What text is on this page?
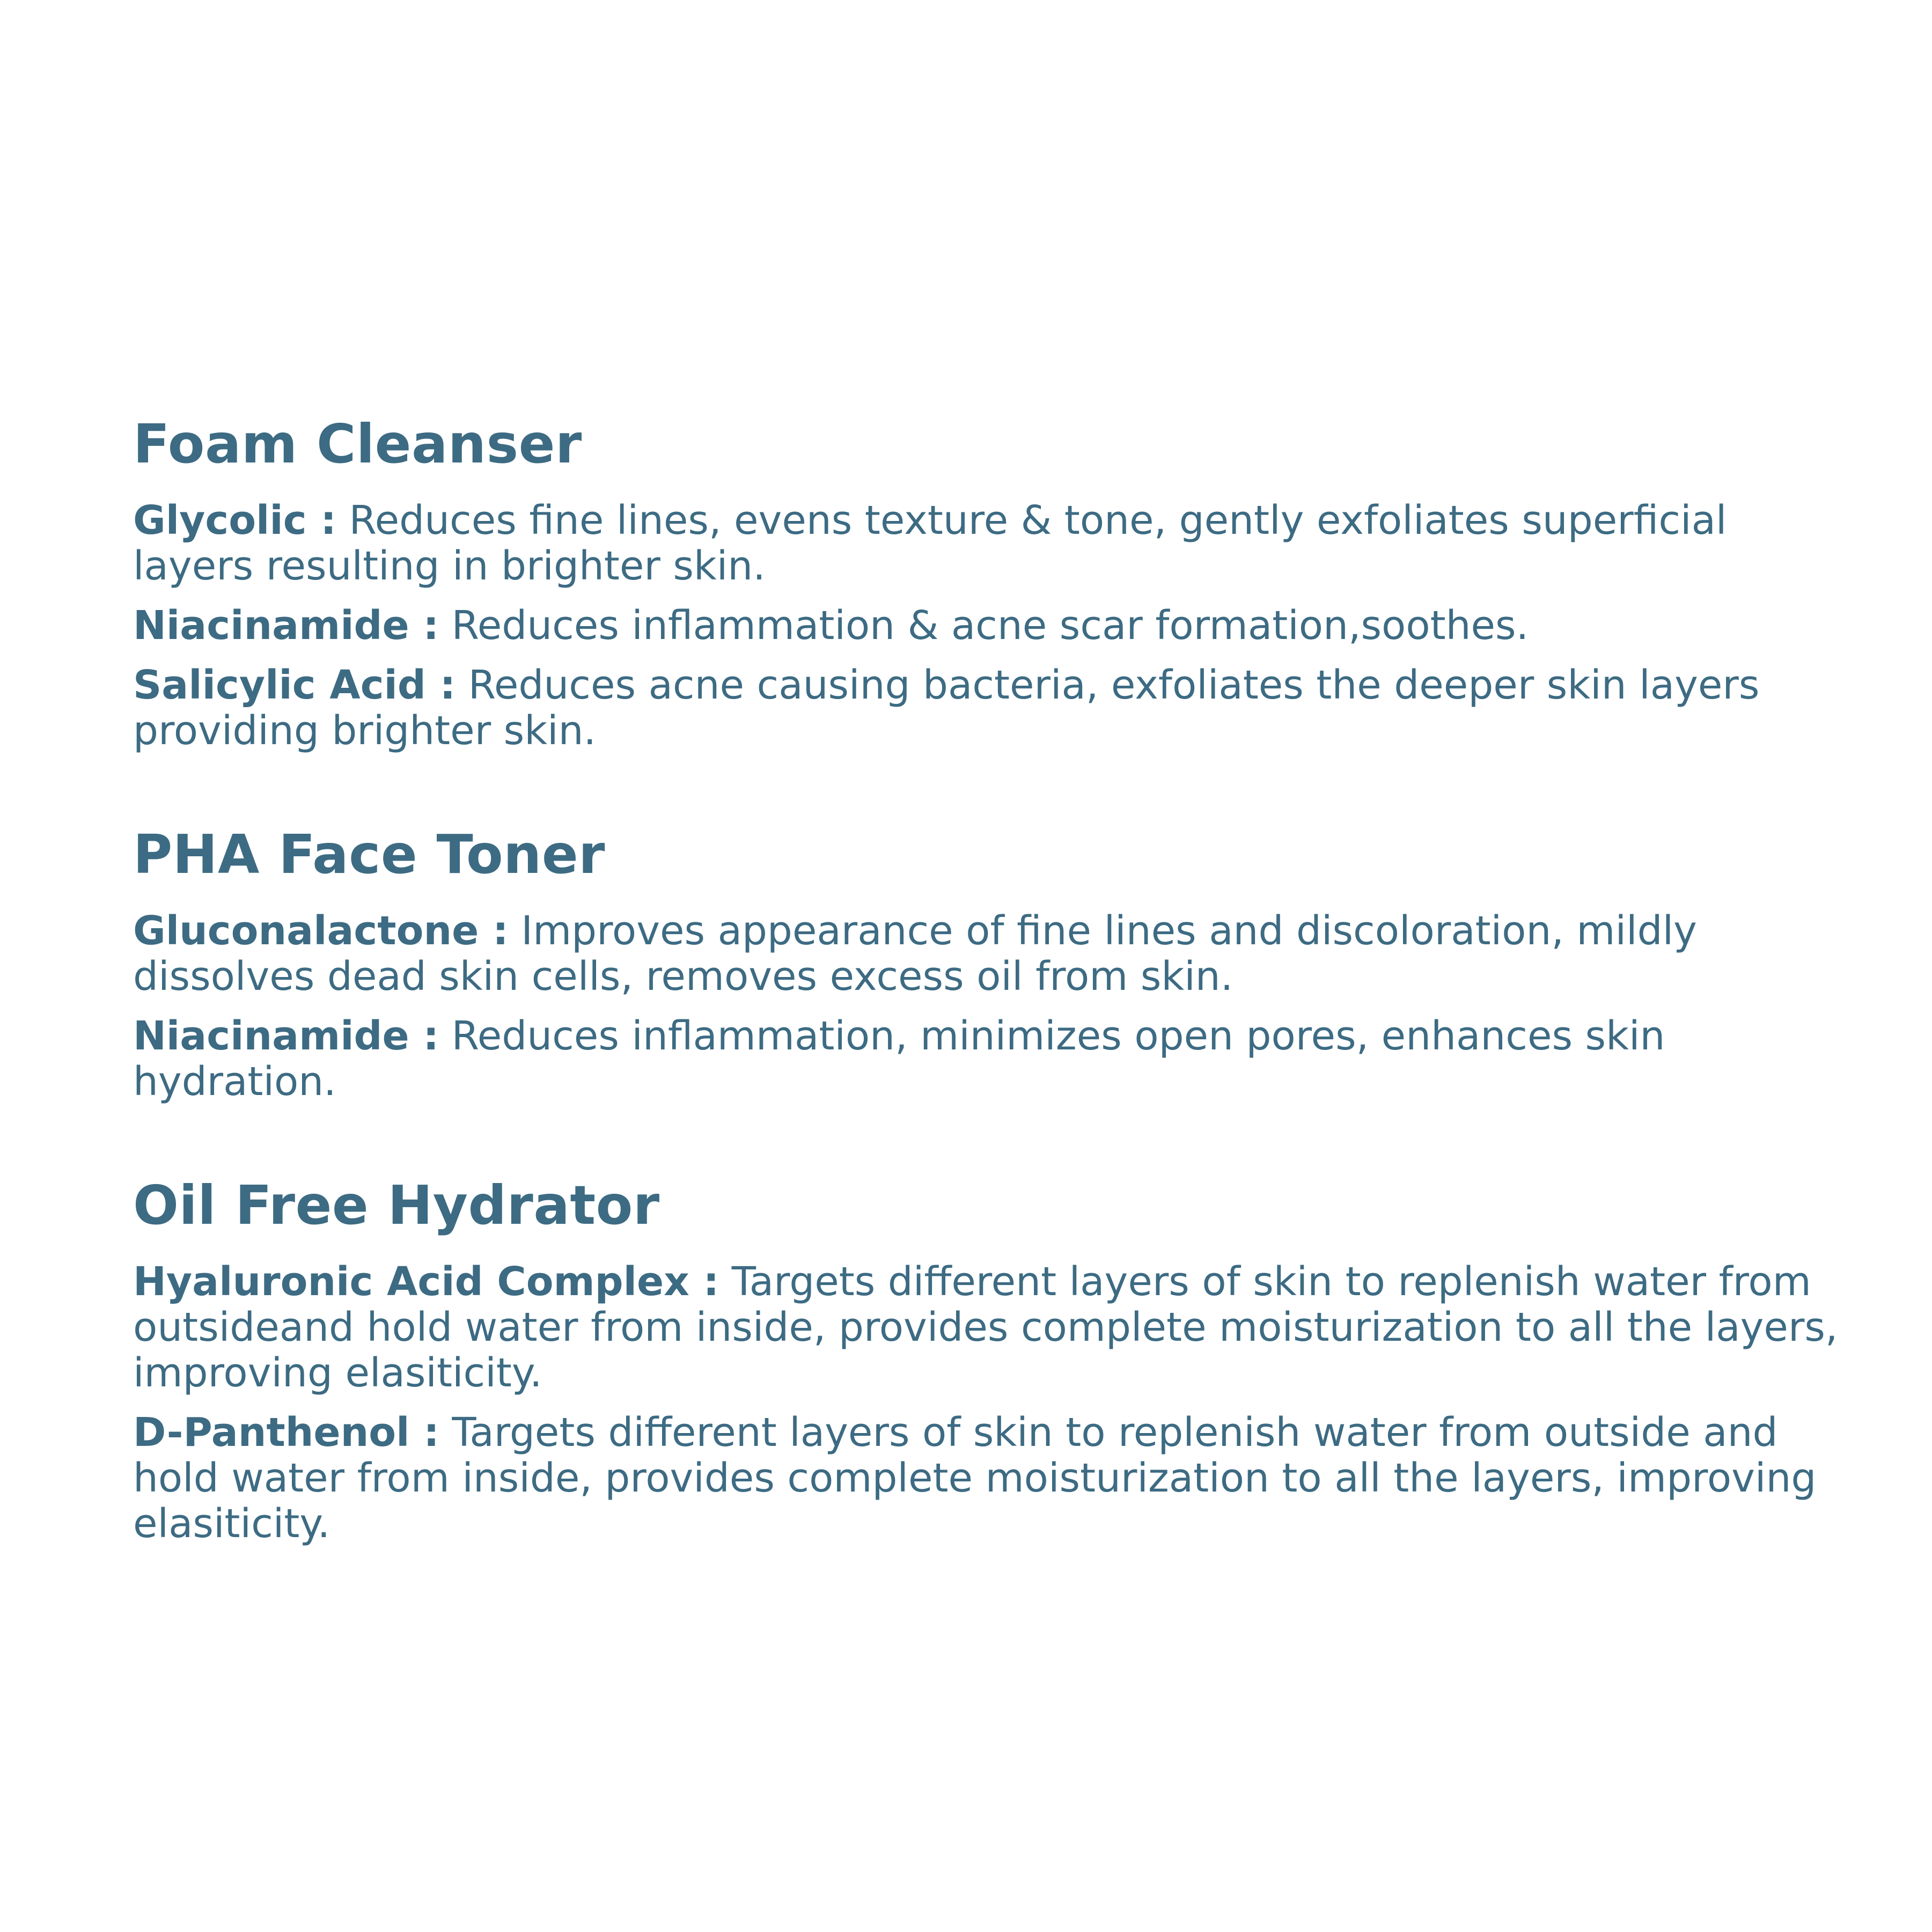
Foam Cleanser

Glycolic : Reduces fine lines, evens texture & tone, gently exfoliates superficial layers resulting in brighter skin.

Niacinamide : Reduces inflammation & acne scar formation,soothes.

Salicylic Acid : Reduces acne causing bacteria, exfoliates the deeper skin layers providing brighter skin.

PHA Face Toner

Gluconalactone : Improves appearance of fine lines and discoloration, mildly dissolves dead skin cells, removes excess oil from skin.

Niacinamide : Reduces inflammation, minimizes open pores, enhances skin hydration.

Oil Free Hydrator

Hyaluronic Acid Complex : Targets different layers of skin to replenish water from outsideand hold water from inside, provides complete moisturization to all the layers, improving elasiticity.

D-Panthenol : Targets different layers of skin to replenish water from outside and hold water from inside, provides complete moisturization to all the layers, improving elasiticity.
